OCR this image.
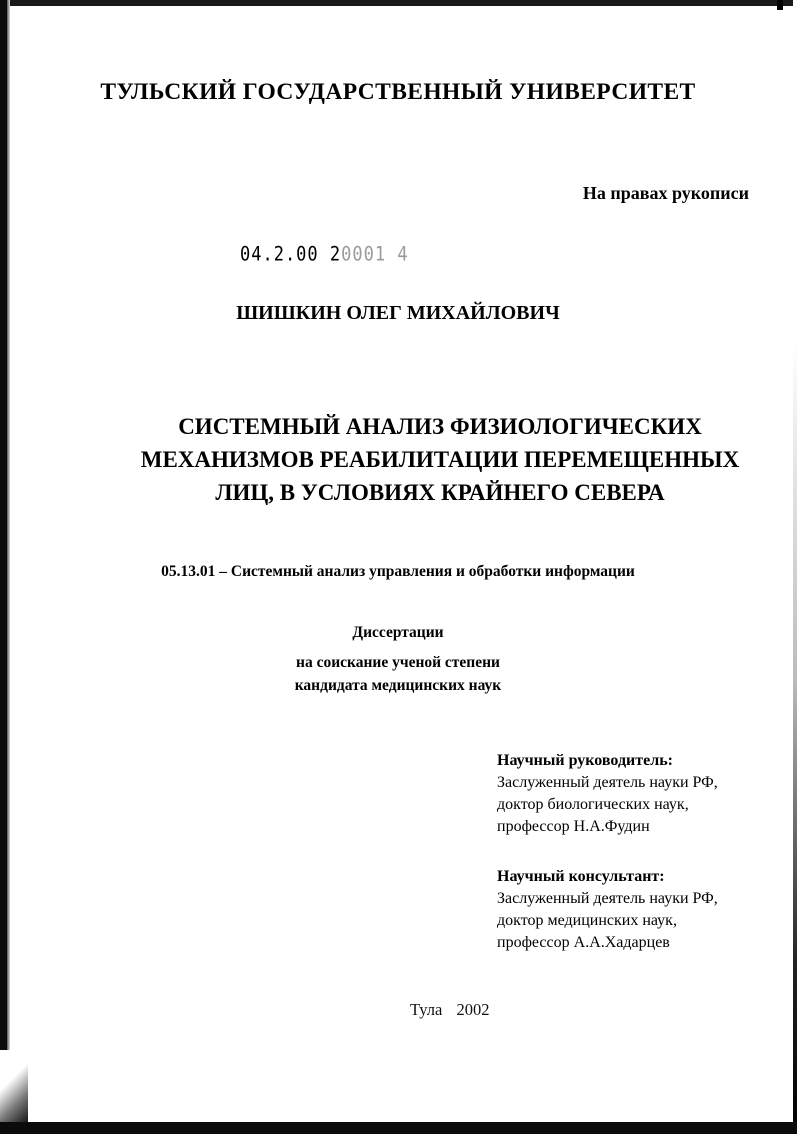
ТУЛЬСКИЙ ГОСУДАРСТВЕННЫЙ УНИВЕРСИТЕТ
На правах рукописи
04.2.00 20001 4
ШИШКИН ОЛЕГ МИХАЙЛОВИЧ
СИСТЕМНЫЙ АНАЛИЗ ФИЗИОЛОГИЧЕСКИХ
МЕХАНИЗМОВ РЕАБИЛИТАЦИИ ПЕРЕМЕЩЕННЫХ
ЛИЦ, В УСЛОВИЯХ КРАЙНЕГО СЕВЕРА
05.13.01 – Системный анализ управления и обработки информации
Диссертации
на соискание ученой степени
кандидата медицинских наук
Научный руководитель:
Заслуженный деятель науки РФ,
доктор биологических наук,
профессор Н.А.Фудин
Научный консультант:
Заслуженный деятель науки РФ,
доктор медицинских наук,
профессор А.А.Хадарцев
Тула 2002
